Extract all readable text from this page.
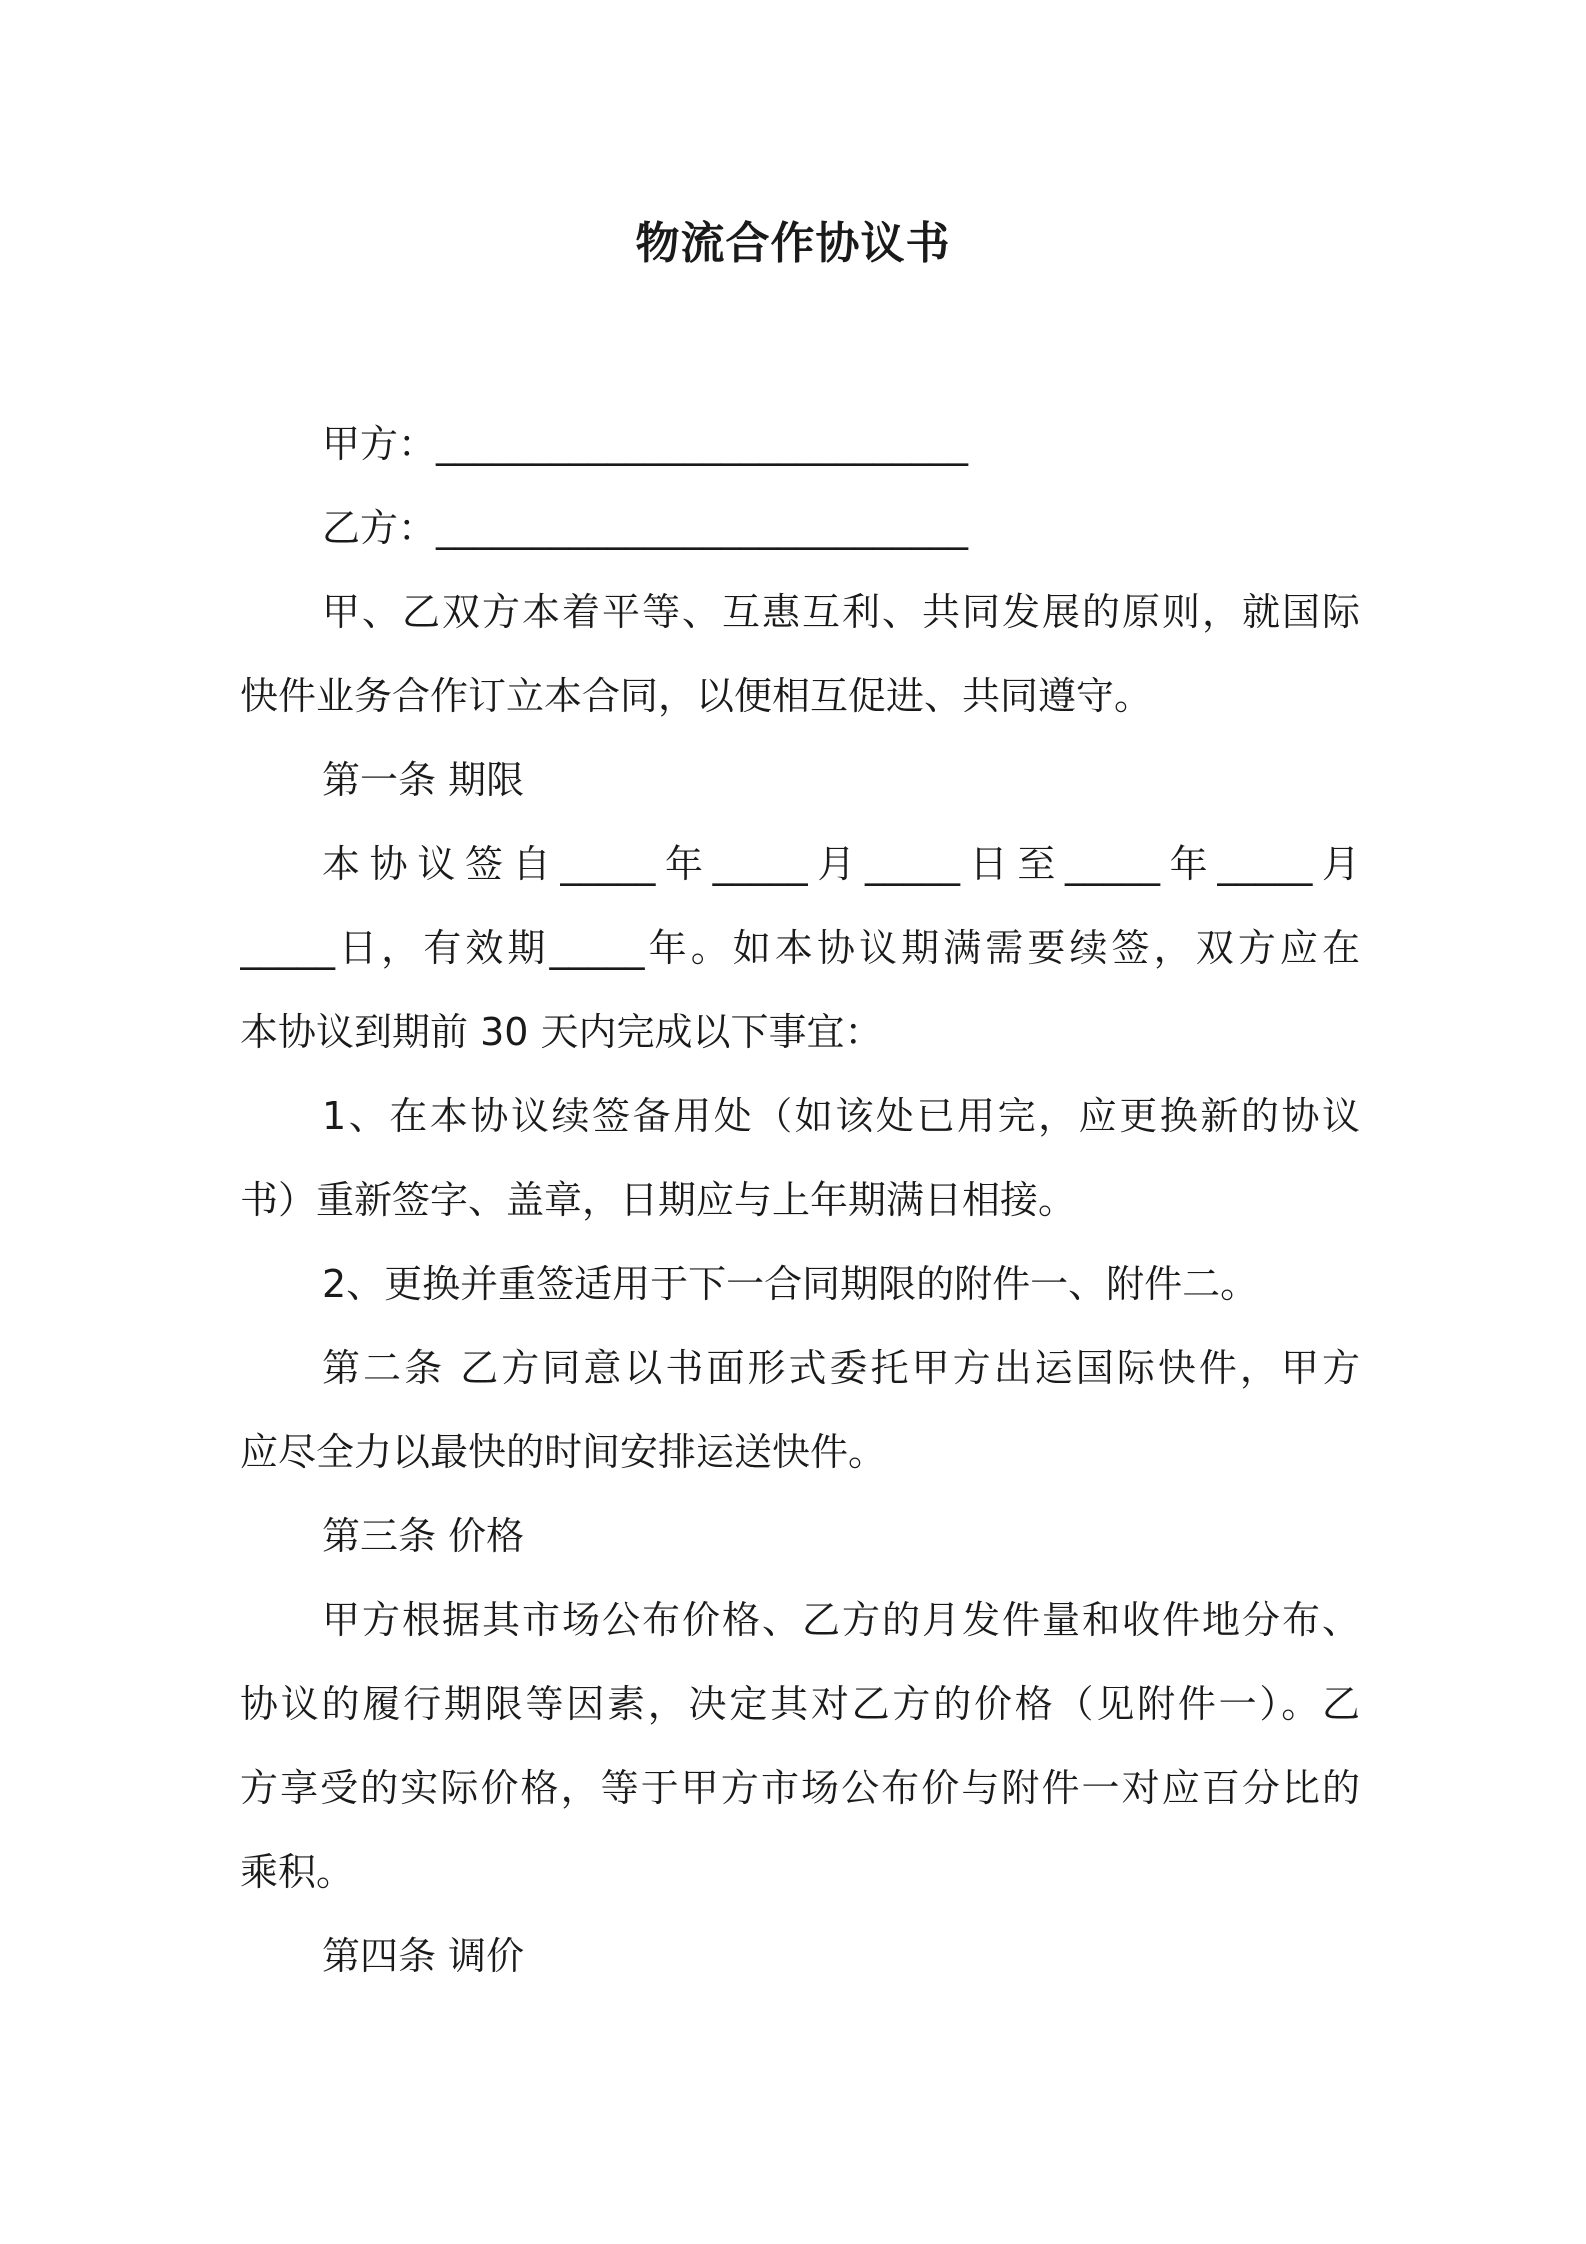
物流合作协议书
甲方：____________________________
乙方：____________________________
甲、乙双方本着平等、互惠互利、共同发展的原则，就国际
快件业务合作订立本合同，以便相互促进、共同遵守。
第一条 期限
本协议签自_____年_____月_____日至_____年_____月
_____日，有效期_____年。如本协议期满需要续签，双方应在
本协议到期前 30 天内完成以下事宜：
1、在本协议续签备用处（如该处已用完，应更换新的协议
书）重新签字、盖章，日期应与上年期满日相接。
2、更换并重签适用于下一合同期限的附件一、附件二。
第二条 乙方同意以书面形式委托甲方出运国际快件，甲方
应尽全力以最快的时间安排运送快件。
第三条 价格
甲方根据其市场公布价格、乙方的月发件量和收件地分布、
协议的履行期限等因素，决定其对乙方的价格（见附件一）。乙
方享受的实际价格，等于甲方市场公布价与附件一对应百分比的
乘积。
第四条 调价
